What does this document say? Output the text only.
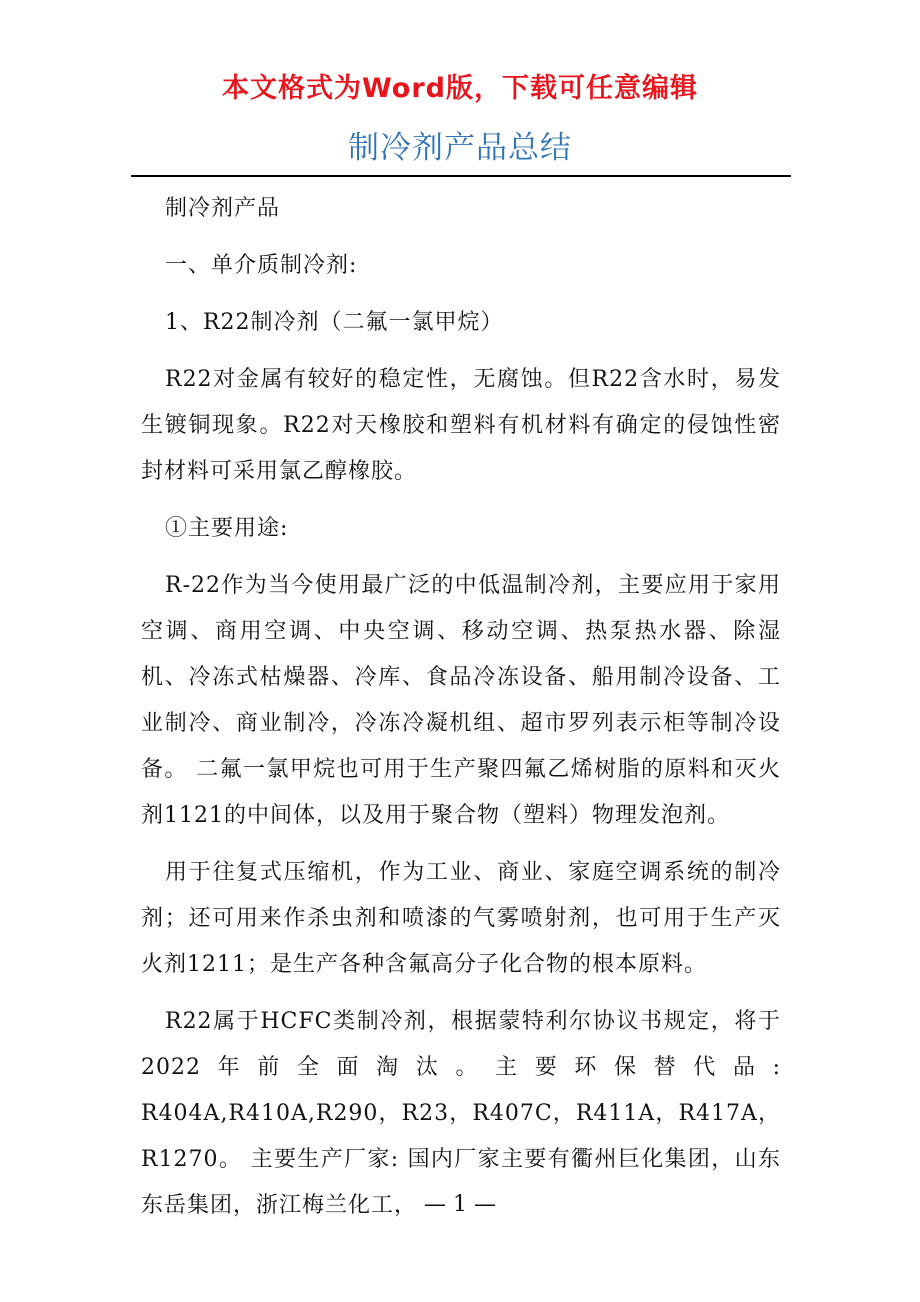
本文格式为Word版，下载可任意编辑
制冷剂产品总结

制冷剂产品

一、单介质制冷剂:

1、R22制冷剂（二氟一氯甲烷）

R22对金属有较好的稳定性，无腐蚀。但R22含水时，易发生镀铜现象。R22对天橡胶和塑料有机材料有确定的侵蚀性密封材料可采用氯乙醇橡胶。

①主要用途:

R-22作为当今使用最广泛的中低温制冷剂，主要应用于家用空调、商用空调、中央空调、移动空调、热泵热水器、除湿机、冷冻式枯燥器、冷库、食品冷冻设备、船用制冷设备、工业制冷、商业制冷，冷冻冷凝机组、超市罗列表示柜等制冷设备。 二氟一氯甲烷也可用于生产聚四氟乙烯树脂的原料和灭火剂1121的中间体，以及用于聚合物（塑料）物理发泡剂。

用于往复式压缩机，作为工业、商业、家庭空调系统的制冷剂；还可用来作杀虫剂和喷漆的气雾喷射剂，也可用于生产灭火剂1211；是生产各种含氟高分子化合物的根本原料。

R22属于HCFC类制冷剂，根据蒙特利尔协议书规定，将于2022年前全面淘汰。主要环保替代品: R404A,R410A,R290，R23，R407C，R411A，R417A，R1270。 主要生产厂家: 国内厂家主要有衢州巨化集团，山东东岳集团，浙江梅兰化工， — 1 —
